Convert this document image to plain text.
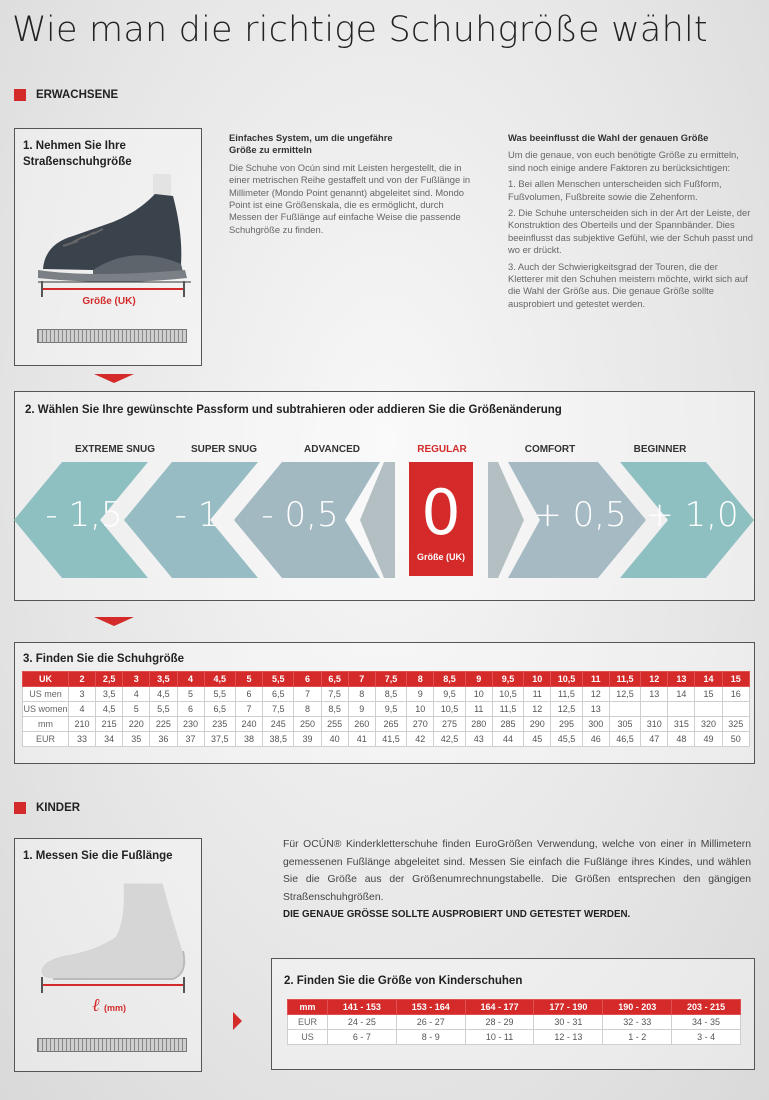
Wie man die richtige Schuhgröße wählt
ERWACHSENE
1. Nehmen Sie Ihre
Straßenschuhgröße
Größe (UK)
Einfaches System, um die ungefähre
Größe zu ermitteln
Die Schuhe von Ocún sind mit Leisten hergestellt, die in einer metrischen Reihe gestaffelt und von der Fußlänge in Millimeter (Mondo Point genannt) abgeleitet sind. Mondo Point ist eine Größenskala, die es ermöglicht, durch Messen der Fußlänge auf einfache Weise die passende Schuhgröße zu finden.
Was beeinflusst die Wahl der genauen Größe

Um die genaue, von euch benötigte Größe zu ermitteln, sind noch einige andere Faktoren zu berücksichtigen:

1. Bei allen Menschen unterscheiden sich Fußform, Fußvolumen, Fußbreite sowie die Zehenform.

2. Die Schuhe unterscheiden sich in der Art der Leiste, der Konstruktion des Oberteils und der Spannbänder. Dies beeinflusst das subjektive Gefühl, wie der Schuh passt und wo er drückt.

3. Auch der Schwierigkeitsgrad der Touren, die der Kletterer mit den Schuhen meistern möchte, wirkt sich auf die Wahl der Größe aus. Die genaue Größe sollte ausprobiert und getestet werden.

2. Wählen Sie Ihre gewünschte Passform und subtrahieren oder addieren Sie die Größenänderung
EXTREME SNUG	SUPER SNUG	ADVANCED	REGULAR	COMFORT	BEGINNER
- 1,5	- 1	- 0,5 0
Größe (UK)
+ 0,5 + 1,0
3. Finden Sie die Schuhgröße
UK	2	2,5	3	3,5	4	4,5	5	5,5	6	6,5	7	7,5	8	8,5	9	9,5	10	10,5	11	11,5	12	13	14	15
US men	3	3,5	4	4,5	5	5,5	6	6,5	7	7,5	8	8,5	9	9,5	10	10,5	11	11,5	12	12,5	13	14	15	16
US women	4	4,5	5	5,5	6	6,5	7	7,5	8	8,5	9	9,5	10	10,5	11	11,5	12	12,5	13					
mm	210	215	220	225	230	235	240	245	250	255	260	265	270	275	280	285	290	295	300	305	310	315	320	325
EUR	33	34	35	36	37	37,5	38	38,5	39	40	41	41,5	42	42,5	43	44	45	45,5	46	46,5	47	48	49	50
KINDER
1. Messen Sie die Fußlänge
ℓ (mm)
Für OCÚN® Kinderkletterschuhe finden EuroGrößen Verwendung, welche von einer in Millimetern gemessenen Fußlänge abgeleitet sind. Messen Sie einfach die Fußlänge ihres Kindes, und wählen Sie die Größe aus der Größenumrechnungstabelle. Die Größen entsprechen den gängigen Straßenschuhgrößen.
DIE GENAUE GRÖSSE SOLLTE AUSPROBIERT UND GETESTET WERDEN.
2. Finden Sie die Größe von Kinderschuhen
mm	141 - 153	153 - 164	164 - 177	177 - 190	190 - 203	203 - 215
EUR	24 - 25	26 - 27	28 - 29	30 - 31	32 - 33	34 - 35
US	6 - 7	8 - 9	10 - 11	12 - 13	1 - 2	3 - 4
